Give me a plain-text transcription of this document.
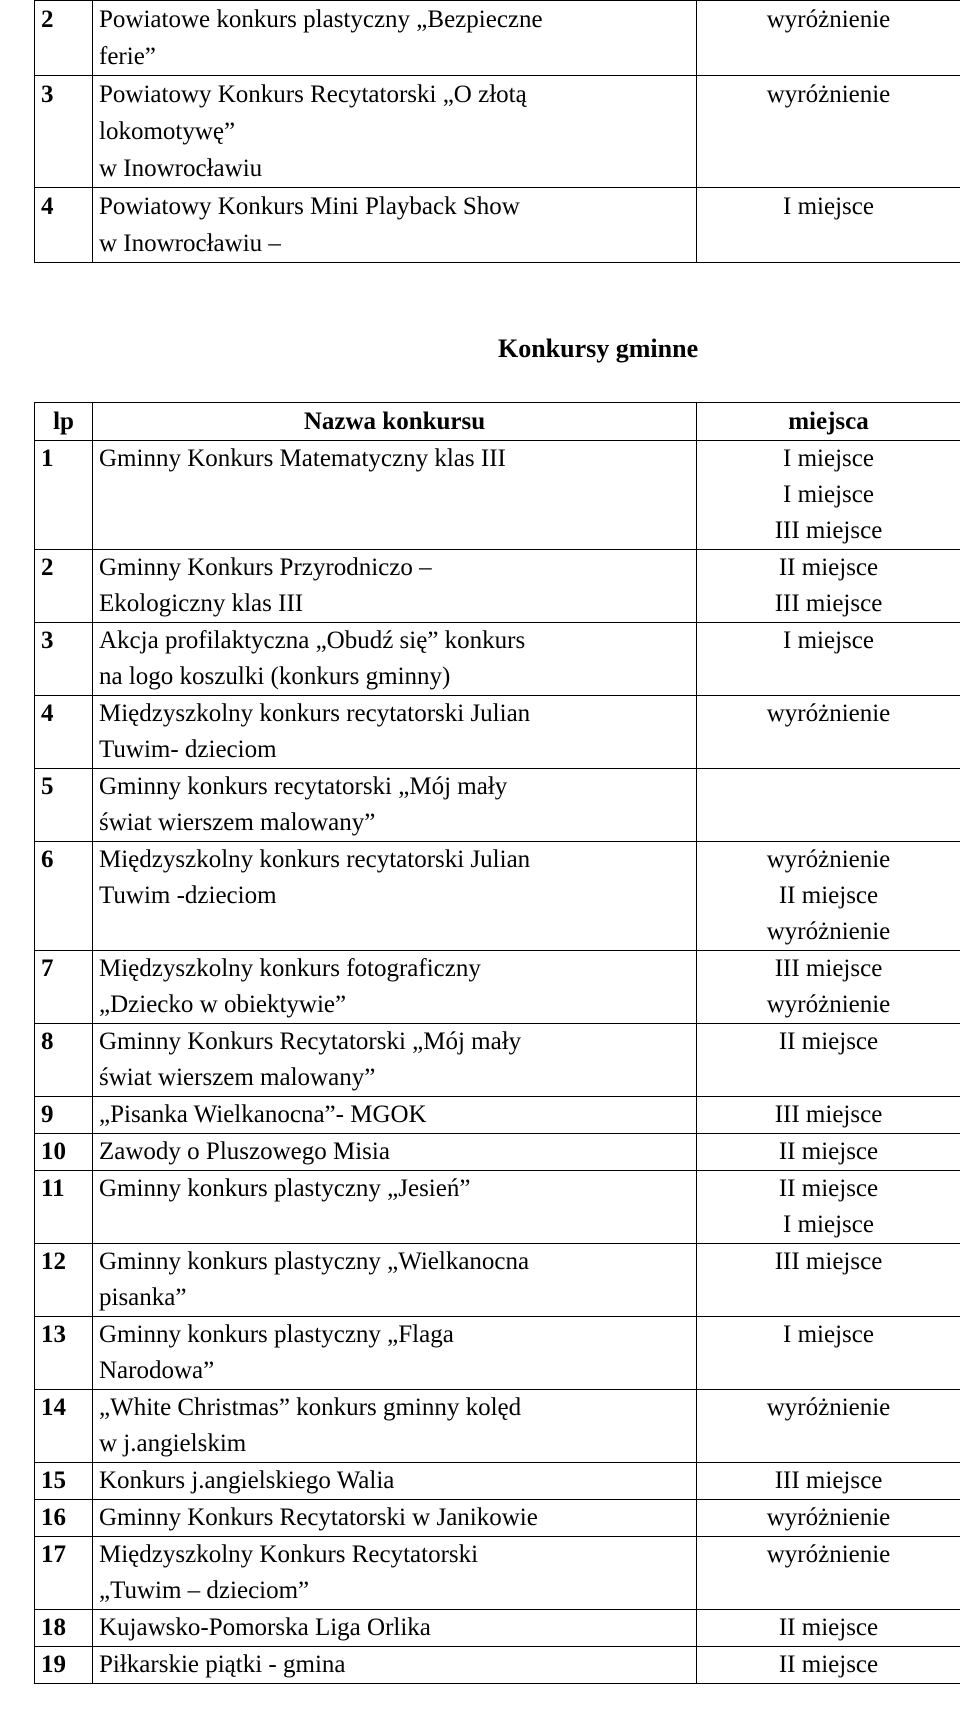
2	Powiatowe konkurs plastyczny „Bezpieczne
ferie”	wyróżnienie

3	Powiatowy Konkurs Recytatorski „O złotą
lokomotywę”
w Inowrocławiu	wyróżnienie

4	Powiatowy Konkurs Mini Playback Show
w Inowrocławiu –	I miejsce
Konkursy gminne
lp	Nazwa konkursu	miejsca
1	Gminny Konkurs Matematyczny klas III	I miejsce
I miejsce
III miejsce

2	Gminny Konkurs Przyrodniczo –
Ekologiczny klas III	II miejsce
III miejsce

3	Akcja profilaktyczna „Obudź się” konkurs
na logo koszulki (konkurs gminny)	I miejsce

4	Międzyszkolny konkurs recytatorski Julian
Tuwim- dzieciom	wyróżnienie

5	Gminny konkurs recytatorski „Mój mały
świat wierszem malowany”	

6	Międzyszkolny konkurs recytatorski Julian
Tuwim -dzieciom	wyróżnienie
II miejsce
wyróżnienie

7	Międzyszkolny konkurs fotograficzny
„Dziecko w obiektywie”	III miejsce
wyróżnienie

8	Gminny Konkurs Recytatorski „Mój mały
świat wierszem malowany”	II miejsce

9	„Pisanka Wielkanocna”- MGOK	III miejsce

10	Zawody o Pluszowego Misia	II miejsce

11	Gminny konkurs plastyczny „Jesień”	II miejsce
I miejsce

12	Gminny konkurs plastyczny „Wielkanocna
pisanka”	III miejsce

13	Gminny konkurs plastyczny „Flaga
Narodowa”	I miejsce

14	„White Christmas” konkurs gminny kolęd
w j.angielskim	wyróżnienie

15	Konkurs j.angielskiego Walia	III miejsce

16	Gminny Konkurs Recytatorski w Janikowie	wyróżnienie

17	Międzyszkolny Konkurs Recytatorski
„Tuwim – dzieciom”	wyróżnienie

18	Kujawsko-Pomorska Liga Orlika	II miejsce

19	Piłkarskie piątki - gmina	II miejsce
